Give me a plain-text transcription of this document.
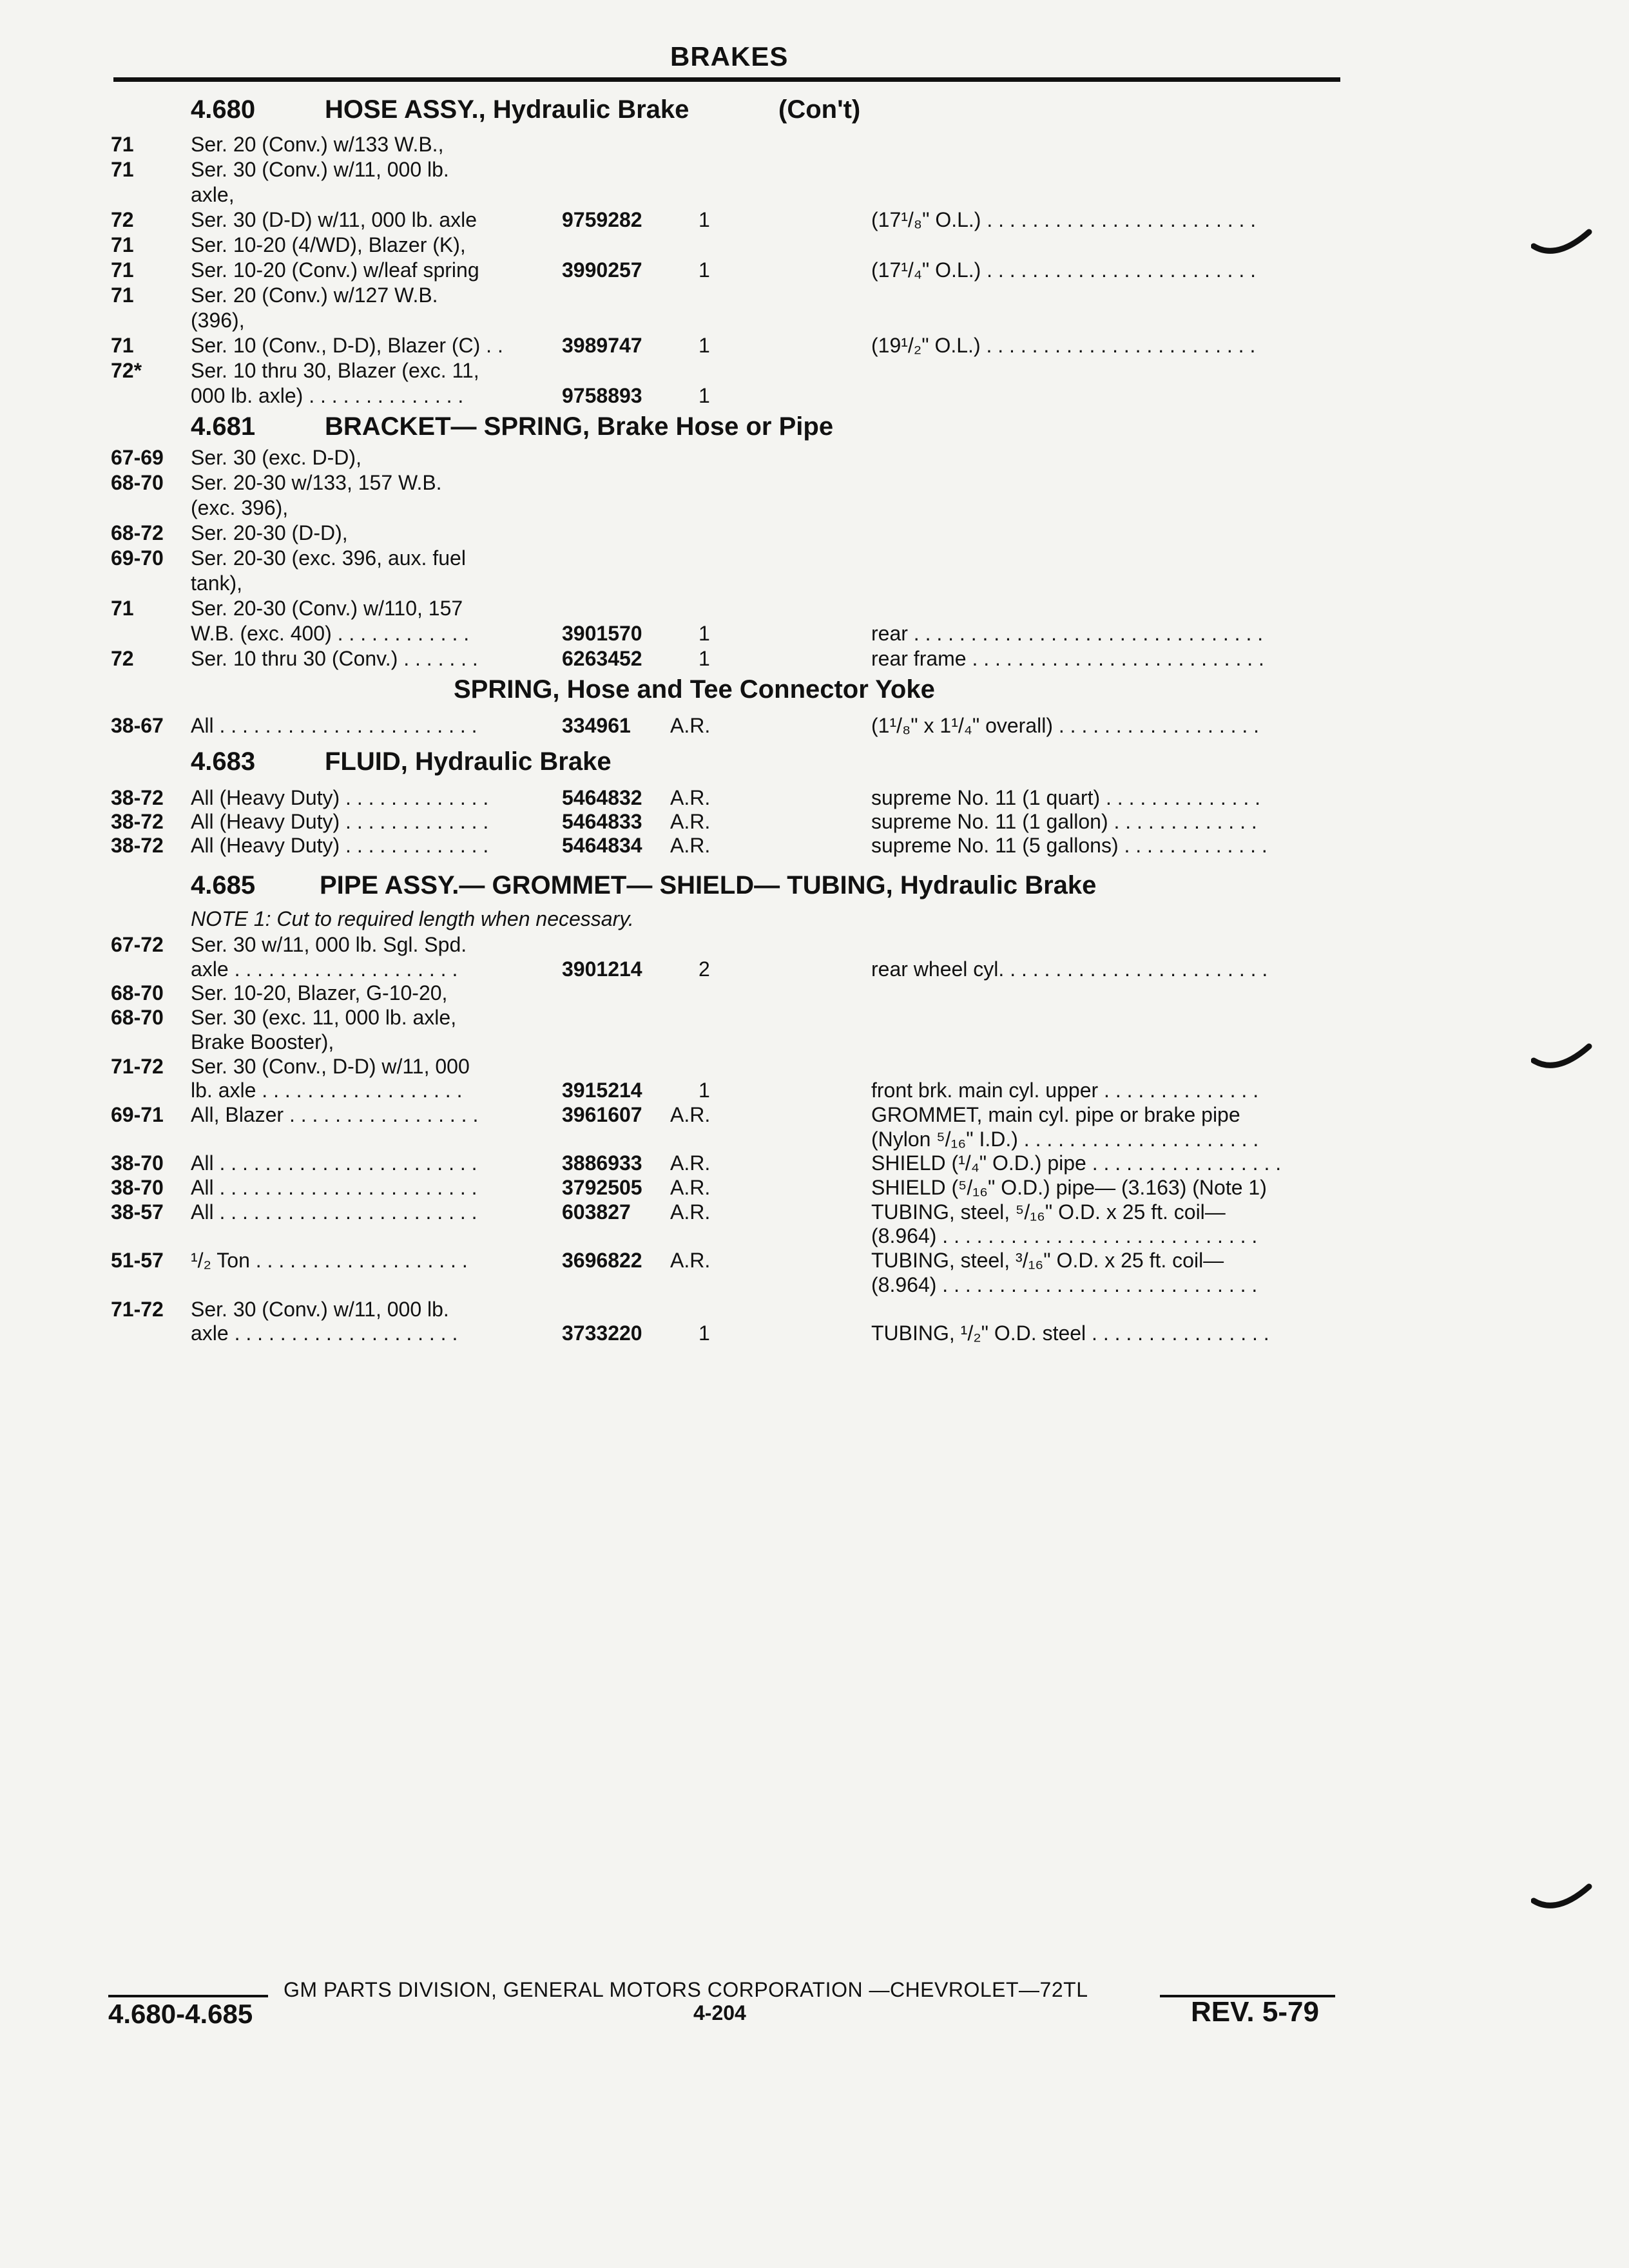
BRAKES
4.680	HOSE ASSY., Hydraulic Brake	(Con't)
71	Ser. 20 (Conv.) w/133 W.B.,
71	Ser. 30 (Conv.) w/11, 000 lb.
axle,
72	Ser. 30 (D-D) w/11, 000 lb. axle	9759282	1	(17¹/₈" O.L.) . . . . . . . . . . . . . . . . . . . . . . . .
71	Ser. 10-20 (4/WD), Blazer (K),
71	Ser. 10-20 (Conv.) w/leaf spring	3990257	1	(17¹/₄" O.L.) . . . . . . . . . . . . . . . . . . . . . . . .
71	Ser. 20 (Conv.) w/127 W.B.
(396),
71	Ser. 10 (Conv., D-D), Blazer (C) . .	3989747	1	(19¹/₂" O.L.) . . . . . . . . . . . . . . . . . . . . . . . .
72* Ser. 10 thru 30, Blazer (exc. 11,
000 lb. axle) . . . . . . . . . . . . . .	9758893	1
4.681	BRACKET— SPRING, Brake Hose or Pipe
67-69 Ser. 30 (exc. D-D),
68-70 Ser. 20-30 w/133, 157 W.B.
(exc. 396),
68-72 Ser. 20-30 (D-D),
69-70 Ser. 20-30 (exc. 396, aux. fuel
tank),
71	Ser. 20-30 (Conv.) w/110, 157
W.B. (exc. 400) . . . . . . . . . . . .	3901570	1	rear . . . . . . . . . . . . . . . . . . . . . . . . . . . . . . .
72	Ser. 10 thru 30 (Conv.) . . . . . . .	6263452	1	rear frame . . . . . . . . . . . . . . . . . . . . . . . . . .
SPRING, Hose and Tee Connector Yoke
38-67 All . . . . . . . . . . . . . . . . . . . . . . .	334961 A.R.	(1¹/₈" x 1¹/₄" overall) . . . . . . . . . . . . . . . . . .
4.683	FLUID, Hydraulic Brake
38-72 All (Heavy Duty) . . . . . . . . . . . . .	5464832 A.R.	supreme No. 11 (1 quart) . . . . . . . . . . . . . .
38-72 All (Heavy Duty) . . . . . . . . . . . . .	5464833 A.R.	supreme No. 11 (1 gallon) . . . . . . . . . . . . .
38-72 All (Heavy Duty) . . . . . . . . . . . . .	5464834 A.R.	supreme No. 11 (5 gallons) . . . . . . . . . . . . .
4.685 PIPE ASSY.— GROMMET— SHIELD— TUBING, Hydraulic Brake
NOTE 1: Cut to required length when necessary.
67-72 Ser. 30 w/11, 000 lb. Sgl. Spd.
axle . . . . . . . . . . . . . . . . . . . .	3901214	2	rear wheel cyl. . . . . . . . . . . . . . . . . . . . . . . .
68-70 Ser. 10-20, Blazer, G-10-20,
68-70 Ser. 30 (exc. 11, 000 lb. axle,
Brake Booster),
71-72 Ser. 30 (Conv., D-D) w/11, 000
lb. axle . . . . . . . . . . . . . . . . . .	3915214	1	front brk. main cyl. upper . . . . . . . . . . . . . .
69-71 All, Blazer . . . . . . . . . . . . . . . . .	3961607 A.R.	GROMMET, main cyl. pipe or brake pipe
(Nylon ⁵/₁₆" I.D.) . . . . . . . . . . . . . . . . . . . . .
38-70 All . . . . . . . . . . . . . . . . . . . . . . .	3886933 A.R.	SHIELD (¹/₄" O.D.) pipe . . . . . . . . . . . . . . . . .
38-70 All . . . . . . . . . . . . . . . . . . . . . . .	3792505 A.R.	SHIELD (⁵/₁₆" O.D.) pipe— (3.163) (Note 1)
38-57 All . . . . . . . . . . . . . . . . . . . . . . .	603827 A.R.	TUBING, steel, ⁵/₁₆" O.D. x 25 ft. coil—
(8.964) . . . . . . . . . . . . . . . . . . . . . . . . . . . .
51-57 ¹/₂ Ton . . . . . . . . . . . . . . . . . . .	3696822 A.R.	TUBING, steel, ³/₁₆" O.D. x 25 ft. coil—
(8.964) . . . . . . . . . . . . . . . . . . . . . . . . . . . .
71-72 Ser. 30 (Conv.) w/11, 000 lb.
axle . . . . . . . . . . . . . . . . . . . .	3733220	1	TUBING, ¹/₂" O.D. steel . . . . . . . . . . . . . . . .
GM PARTS DIVISION, GENERAL MOTORS CORPORATION —CHEVROLET—72TL
4.680-4.685	4-204	REV. 5-79
